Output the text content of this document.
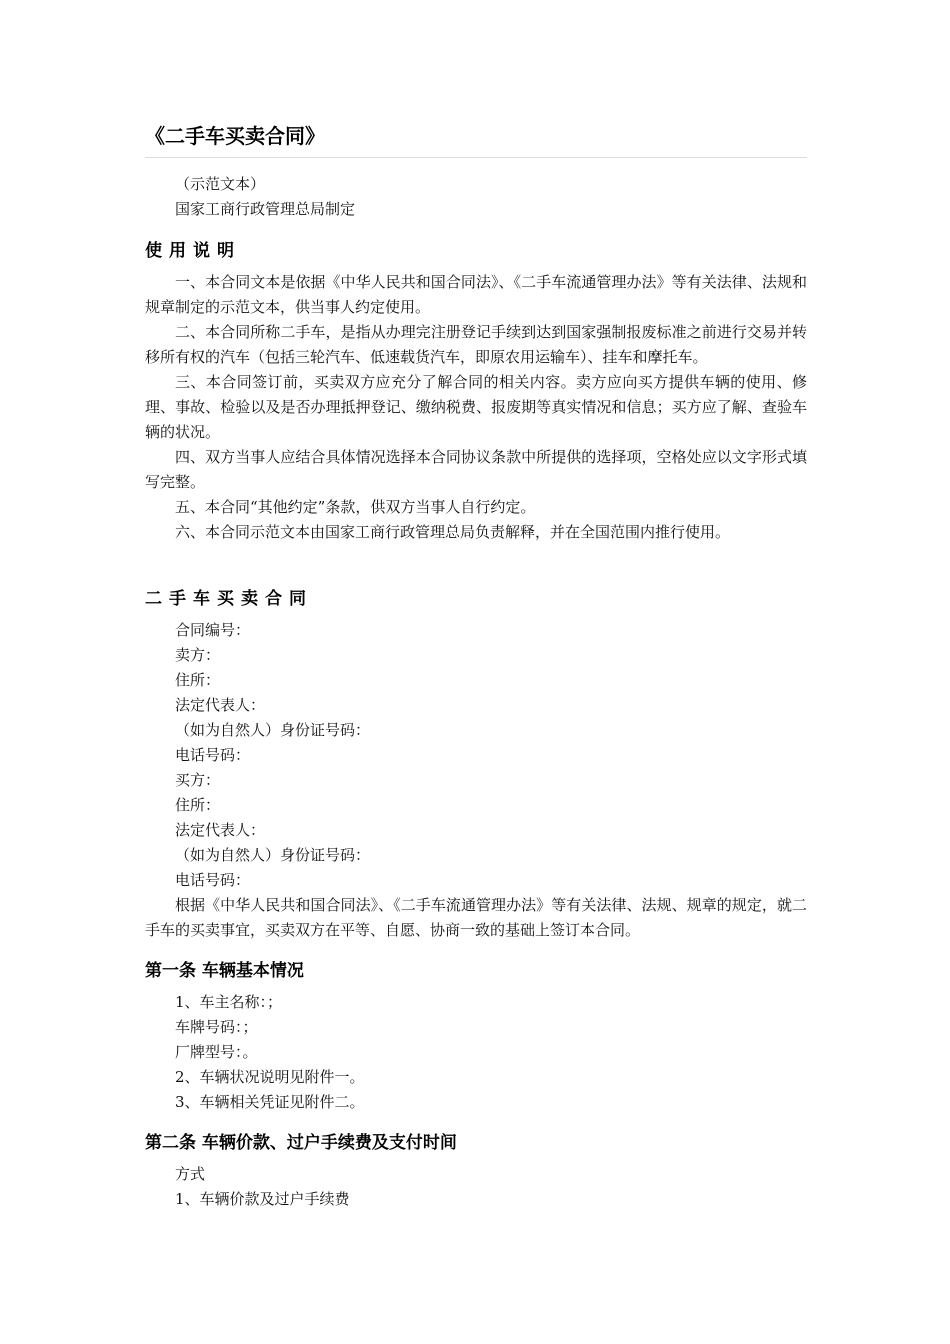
《二手车买卖合同》

（示范文本）

国家工商行政管理总局制定

使用说明

一、本合同文本是依据《中华人民共和国合同法》、《二手车流通管理办法》等有关法律、法规和规章制定的示范文本，供当事人约定使用。

二、本合同所称二手车，是指从办理完注册登记手续到达到国家强制报废标准之前进行交易并转移所有权的汽车（包括三轮汽车、低速载货汽车，即原农用运输车）、挂车和摩托车。

三、本合同签订前，买卖双方应充分了解合同的相关内容。卖方应向买方提供车辆的使用、修理、事故、检验以及是否办理抵押登记、缴纳税费、报废期等真实情况和信息；买方应了解、查验车辆的状况。

四、双方当事人应结合具体情况选择本合同协议条款中所提供的选择项，空格处应以文字形式填写完整。

五、本合同“其他约定”条款，供双方当事人自行约定。

六、本合同示范文本由国家工商行政管理总局负责解释，并在全国范围内推行使用。

二手车买卖合同

合同编号：

卖方：

住所：

法定代表人：

（如为自然人）身份证号码：

电话号码：

买方：

住所：

法定代表人：

（如为自然人）身份证号码：

电话号码：

根据《中华人民共和国合同法》、《二手车流通管理办法》等有关法律、法规、规章的规定，就二手车的买卖事宜，买卖双方在平等、自愿、协商一致的基础上签订本合同。

第一条 车辆基本情况

1、车主名称：；

车牌号码：；

厂牌型号：。

2、车辆状况说明见附件一。

3、车辆相关凭证见附件二。

第二条 车辆价款、过户手续费及支付时间

方式

1、车辆价款及过户手续费
